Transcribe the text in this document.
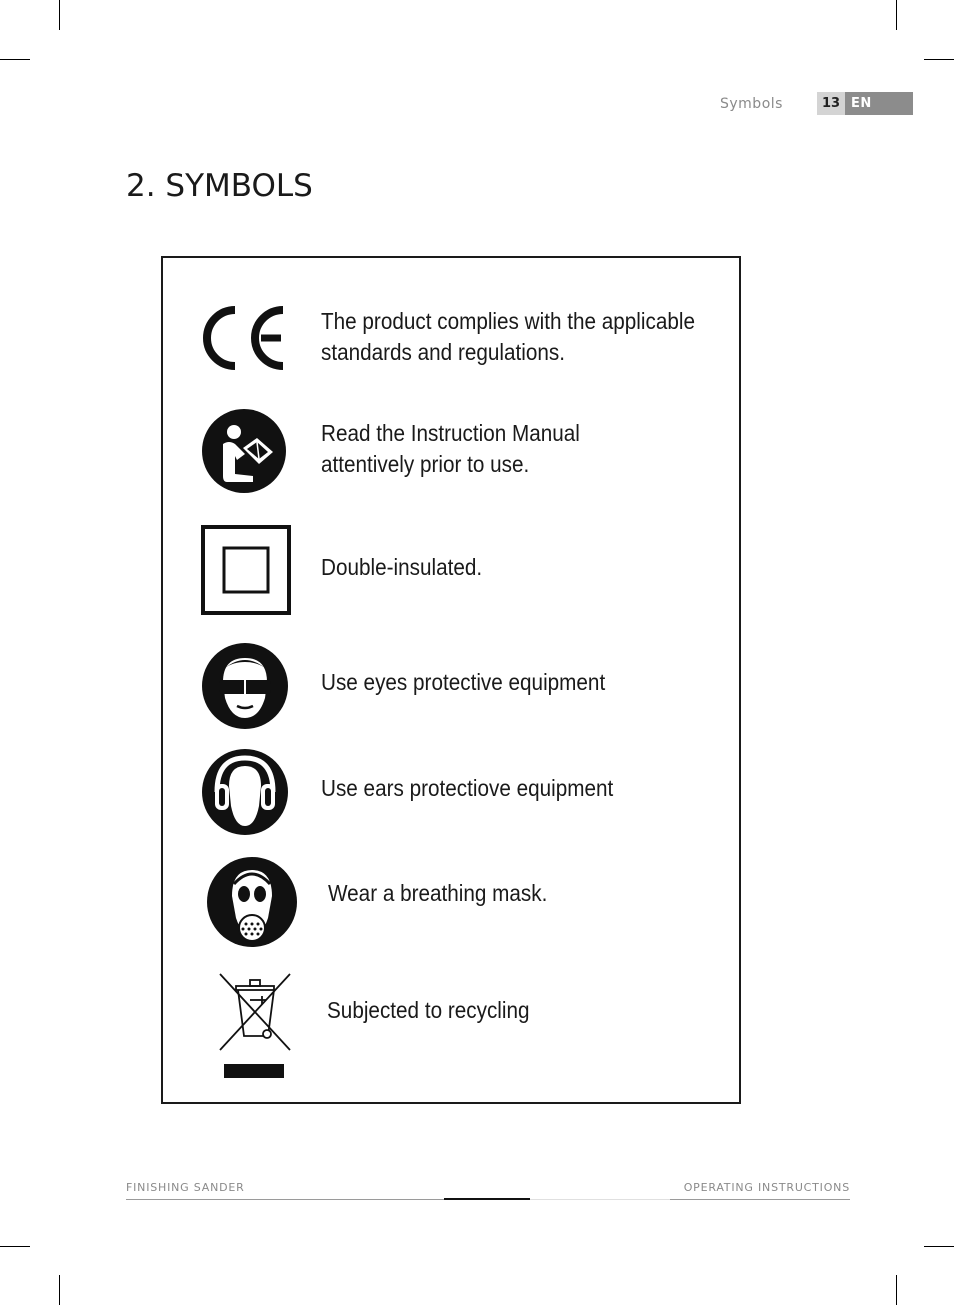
Symbols	13 EN
2. SYMBOLS
The product complies with the applicable
standards and regulations.
Read the Instruction Manual
attentively prior to use.
Double-insulated.
Use eyes protective equipment
Use ears protectiove equipment
Wear a breathing mask.
Subjected to recycling
FINISHING SANDER	OPERATING INSTRUCTIONS
